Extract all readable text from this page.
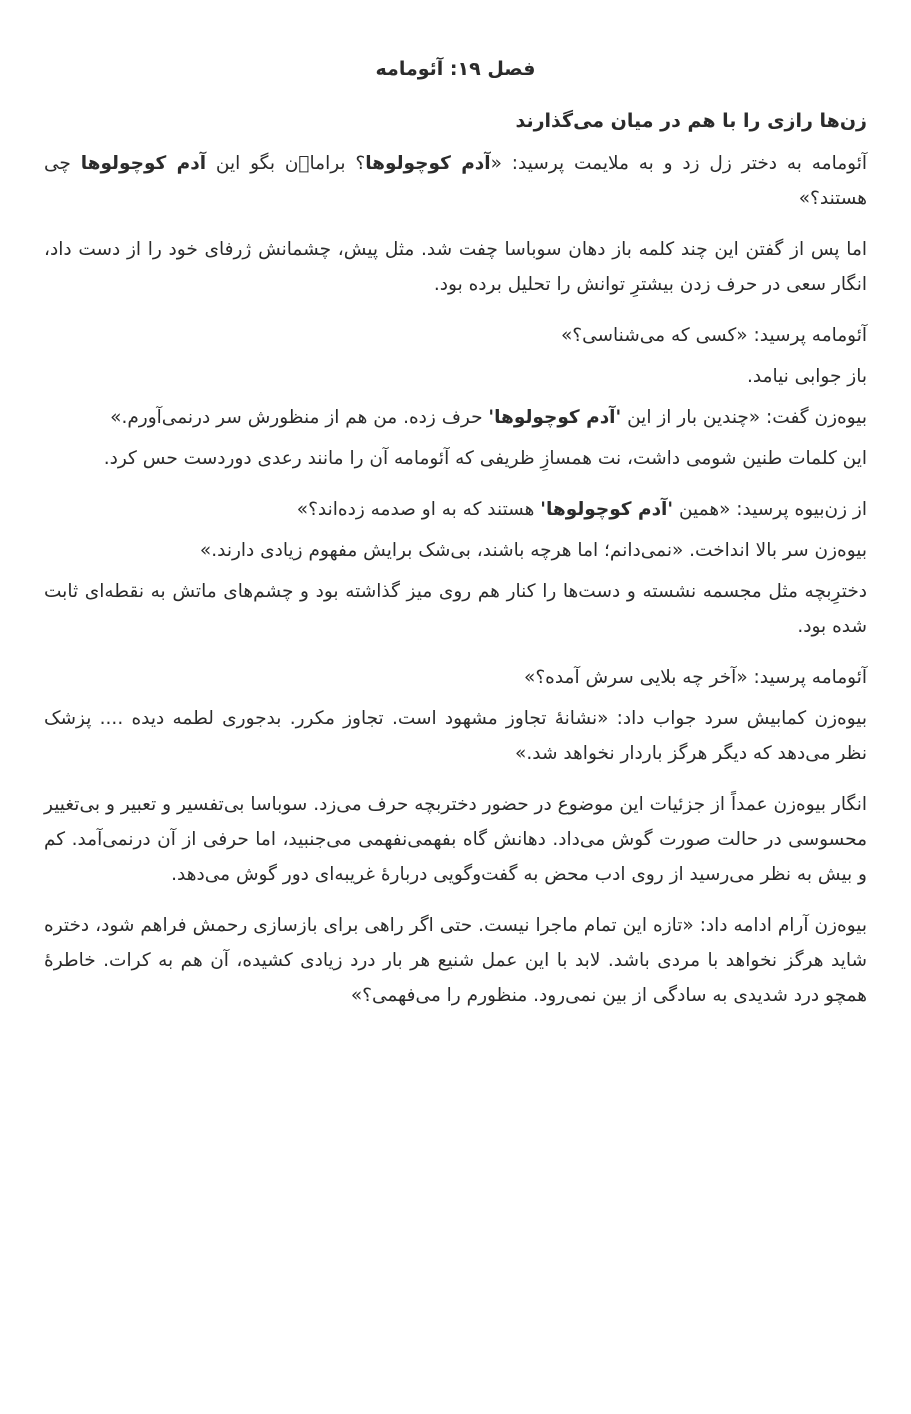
فصل ۱۹: آئومامه
زن‌ها رازی را با هم در میان می‌گذارند

آئومامه به دختر زل زد و به ملایمت پرسید: «آدم کوچولوها؟ براماٖن بگو این آدم کوچولوها چی هستند؟»

اما پس از گفتن این چند کلمه باز دهان سوباسا چفت شد. مثل پیش، چشمانش ژرفای خود را از دست داد، انگار سعی در حرف زدن بیشترِ توانش را تحلیل برده بود.

آئومامه پرسید: «کسی که می‌شناسی؟»

باز جوابی نیامد.

بیوه‌زن گفت: «چندین بار از این 'آدم کوچولوها' حرف زده. من هم از منظورش سر درنمی‌آورم.»

این کلمات طنین شومی داشت، نت همسازِ ظریفی که آئومامه آن را مانند رعدی دوردست حس کرد.

از زن‌بیوه پرسید: «همین 'آدم کوچولوها' هستند که به او صدمه زده‌اند؟»

بیوه‌زن سر بالا انداخت. «نمی‌دانم؛ اما هرچه باشند، بی‌شک برایش مفهوم زیادی دارند.»

دخترِبچه مثل مجسمه نشسته و دست‌ها را کنار هم روی میز گذاشته بود و چشم‌های ماتش به نقطه‌ای ثابت شده بود.

آئومامه پرسید: «آخر چه بلایی سرش آمده؟»

بیوه‌زن کمابیش سرد جواب داد: «نشانهٔ تجاوز مشهود است. تجاوز مکرر. بدجوری لطمه دیده .... پزشک نظر می‌دهد که دیگر هرگز باردار نخواهد شد.»

انگار بیوه‌زن عمداً از جزئیات این موضوع در حضور دختربچه حرف می‌زد. سوباسا بی‌تفسیر و تعبیر و بی‌تغییر محسوسی در حالت صورت گوش می‌داد. دهانش گاه بفهمی‌نفهمی می‌جنبید، اما حرفی از آن درنمی‌آمد. کم و بیش به نظر می‌رسید از روی ادب محض به گفت‌وگویی دربارهٔ غریبه‌ای دور گوش می‌دهد.

بیوه‌زن آرام ادامه داد: «تازه این تمام ماجرا نیست. حتی اگر راهی برای بازسازی رحمش فراهم شود، دختره شاید هرگز نخواهد با مردی باشد. لابد با این عمل شنیع هر بار درد زیادی کشیده، آن هم به کرات. خاطرهٔ همچو درد شدیدی به سادگی از بین نمی‌رود. منظورم را می‌فهمی؟»
